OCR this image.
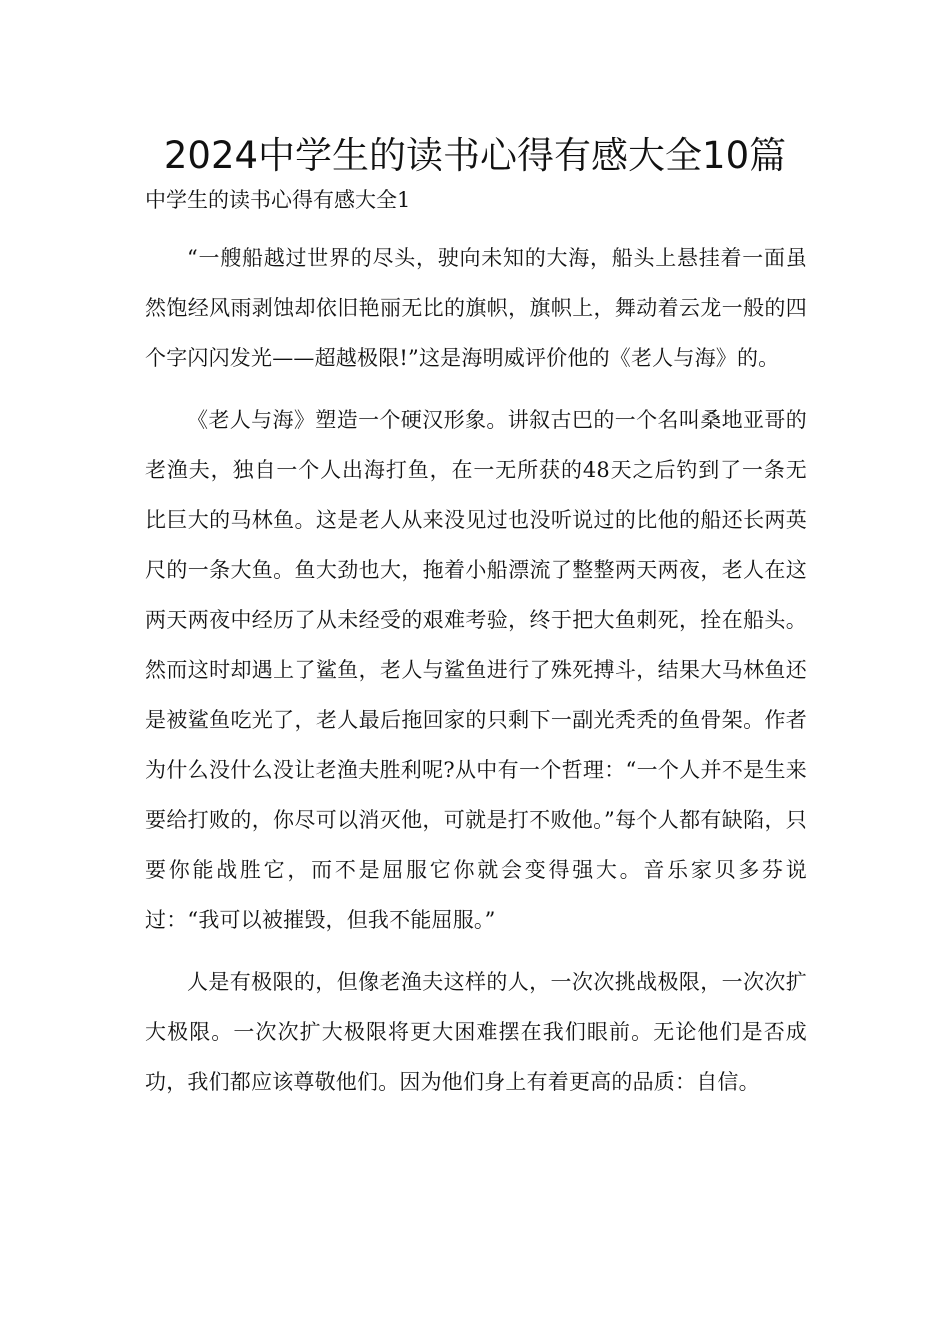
2024中学生的读书心得有感大全10篇

中学生的读书心得有感大全1

“一艘船越过世界的尽头，驶向未知的大海，船头上悬挂着一面虽然饱经风雨剥蚀却依旧艳丽无比的旗帜，旗帜上，舞动着云龙一般的四个字闪闪发光——超越极限!”这是海明威评价他的《老人与海》的。

《老人与海》塑造一个硬汉形象。讲叙古巴的一个名叫桑地亚哥的老渔夫，独自一个人出海打鱼，在一无所获的48天之后钓到了一条无比巨大的马林鱼。这是老人从来没见过也没听说过的比他的船还长两英尺的一条大鱼。鱼大劲也大，拖着小船漂流了整整两天两夜，老人在这两天两夜中经历了从未经受的艰难考验，终于把大鱼刺死，拴在船头。然而这时却遇上了鲨鱼，老人与鲨鱼进行了殊死搏斗，结果大马林鱼还是被鲨鱼吃光了，老人最后拖回家的只剩下一副光秃秃的鱼骨架。作者为什么没什么没让老渔夫胜利呢?从中有一个哲理：“一个人并不是生来要给打败的，你尽可以消灭他，可就是打不败他。”每个人都有缺陷，只要你能战胜它，而不是屈服它你就会变得强大。音乐家贝多芬说过：“我可以被摧毁，但我不能屈服。”

人是有极限的，但像老渔夫这样的人，一次次挑战极限，一次次扩大极限。一次次扩大极限将更大困难摆在我们眼前。无论他们是否成功，我们都应该尊敬他们。因为他们身上有着更高的品质：自信。
